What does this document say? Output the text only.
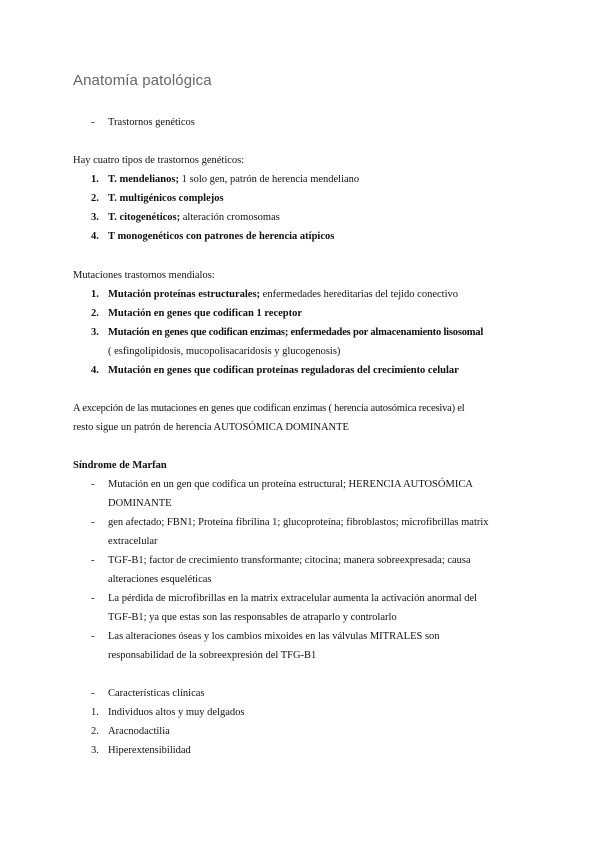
Anatomía patológica
- Trastornos genéticos
Hay cuatro tipos de trastornos genéticos:
1. T. mendelianos; 1 solo gen, patrón de herencia mendeliano
2. T. multigénicos complejos
3. T. citogenéticos; alteración cromosomas
4. T monogenéticos con patrones de herencia atípicos
Mutaciones trastornos mendialos:
1. Mutación proteínas estructurales; enfermedades hereditarias del tejido conectivo
2. Mutación en genes que codifican 1 receptor
3. Mutación en genes que codifican enzimas; enfermedades por almacenamiento lisosomal
( esfingolipidosis, mucopolisacaridosis y glucogenosis)
4. Mutación en genes que codifican proteínas reguladoras del crecimiento celular
A excepción de las mutaciones en genes que codifican enzimas ( herencia autosómica recesiva) el
resto sigue un patrón de herencia AUTOSÓMICA DOMINANTE
Síndrome de Marfan
- Mutación en un gen que codifica un proteína estructural; HERENCIA AUTOSÓMICA
DOMINANTE
- gen afectado; FBN1; Proteína fibrilina 1; glucoproteína; fibroblastos; microfibrillas matrix
extracelular
- TGF-B1; factor de crecimiento transformante; citocina; manera sobreexpresada; causa
alteraciones esqueléticas
- La pérdida de microfibrillas en la matrix extracelular aumenta la activación anormal del
TGF-B1; ya que estas son las responsables de atraparlo y controlarlo
- Las alteraciones óseas y los cambios mixoides en las válvulas MITRALES son
responsabilidad de la sobreexpresión del TFG-B1
- Características clínicas
1. Individuos altos y muy delgados
2. Aracnodactilia
3. Hiperextensibilidad
